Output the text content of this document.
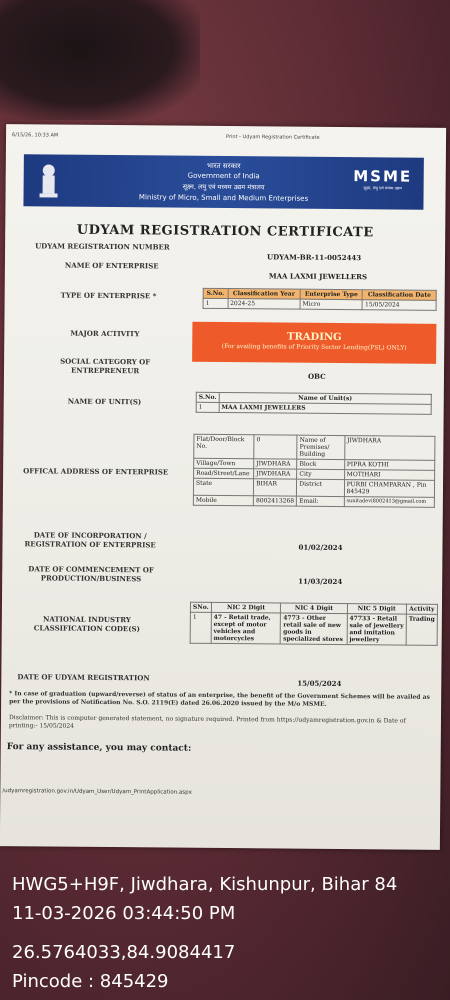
6/15/26, 10:33 AM	Print - Udyam Registration Certificate
भारत सरकार
Government of India
सूक्ष्म, लघु एवं मध्यम उद्यम मंत्रालय
Ministry of Micro, Small and Medium Enterprises
MSME
सूक्ष्म, लघु एवं मध्यम उद्यम
UDYAM REGISTRATION CERTIFICATE
UDYAM REGISTRATION NUMBER
UDYAM-BR-11-0052443
NAME OF ENTERPRISE
MAA LAXMI JEWELLERS
TYPE OF ENTERPRISE *	S.No.	Classification Year	Enterprise Type	Classification Date
1	2024-25	Micro	15/05/2024
MAJOR ACTIVITY	TRADING
(For availing benefits of Priority Sector Lending(PSL) ONLY)
SOCIAL CATEGORY OF
ENTREPRENEUR
OBC
NAME OF UNIT(S)	S.No.	Name of Unit(s)
1	MAA LAXMI JEWELLERS
OFFICAL ADDRESS OF ENTERPRISE
Flat/Door/Block No.	0	Name of Premises/ Building	JIWDHARA
Village/Town	JIWDHARA	Block	PIPRA KOTHI
Road/Street/Lane	JIWDHARA	City	MOTIHARI
State	BIHAR	District	PURBI CHAMPARAN , Pin 845429
Mobile	8002413268	Email:	sunitadevi8002413@gmail.com
DATE OF INCORPORATION /
REGISTRATION OF ENTERPRISE	01/02/2024
DATE OF COMMENCEMENT OF
PRODUCTION/BUSINESS	11/03/2024
NATIONAL INDUSTRY
CLASSIFICATION CODE(S)
SNo.	NIC 2 Digit	NIC 4 Digit	NIC 5 Digit	Activity
1	47 - Retail trade, except of motor vehicles and motorcycles	4773 - Other retail sale of new goods in specialized stores	47733 - Retail sale of jewellery and imitation jewellery	Trading
DATE OF UDYAM REGISTRATION
15/05/2024
* In case of graduation (upward/reverse) of status of an enterprise, the benefit of the Government Schemes will be availed as per the provisions of Notification No. S.O. 2119(E) dated 26.06.2020 issued by the M/o MSME.
Disclaimer: This is computer generated statement, no signature required. Printed from https://udyamregistration.gov.in & Date of printing:- 15/05/2024
For any assistance, you may contact:
/udyamregistration.gov.in/Udyam_User/Udyam_PrintApplication.aspx
HWG5+H9F, Jiwdhara, Kishunpur, Bihar 84
11-03-2026 03:44:50 PM
26.5764033,84.9084417
Pincode : 845429
